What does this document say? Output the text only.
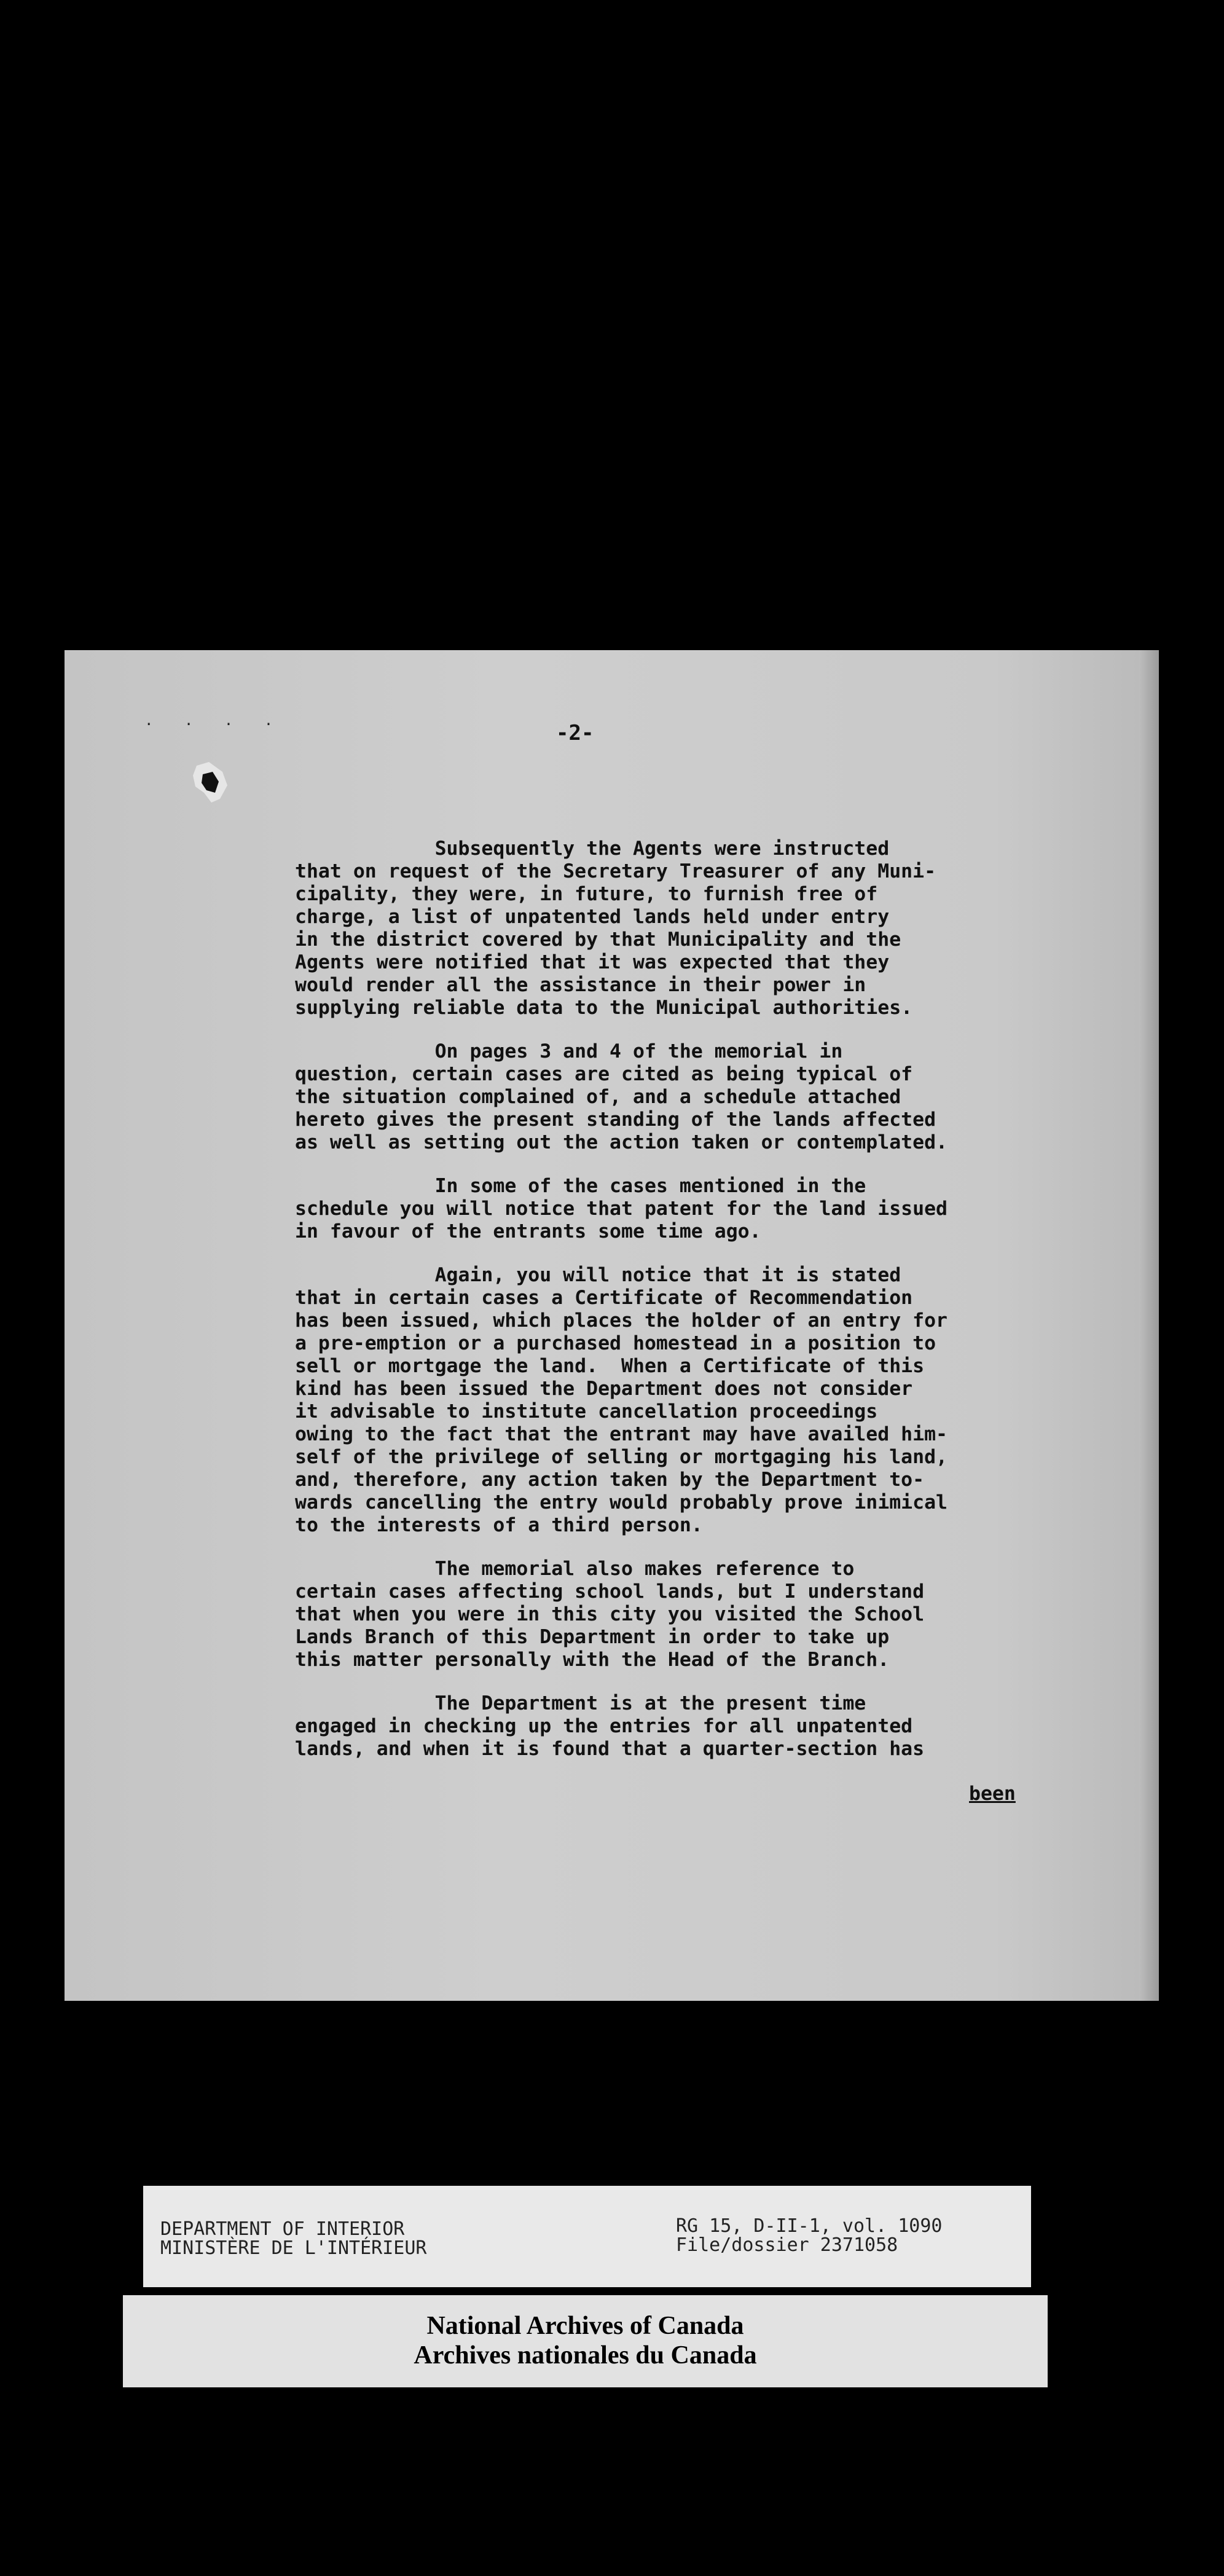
. . . .
-2-

Subsequently the Agents were instructed
that on request of the Secretary Treasurer of any Muni-
cipality, they were, in future, to furnish free of
charge, a list of unpatented lands held under entry
in the district covered by that Municipality and the
Agents were notified that it was expected that they
would render all the assistance in their power in
supplying reliable data to the Municipal authorities.

On pages 3 and 4 of the memorial in
question, certain cases are cited as being typical of
the situation complained of, and a schedule attached
hereto gives the present standing of the lands affected
as well as setting out the action taken or contemplated.

In some of the cases mentioned in the
schedule you will notice that patent for the land issued
in favour of the entrants some time ago.

Again, you will notice that it is stated
that in certain cases a Certificate of Recommendation
has been issued, which places the holder of an entry for
a pre-emption or a purchased homestead in a position to
sell or mortgage the land.  When a Certificate of this
kind has been issued the Department does not consider
it advisable to institute cancellation proceedings
owing to the fact that the entrant may have availed him-
self of the privilege of selling or mortgaging his land,
and, therefore, any action taken by the Department to-
wards cancelling the entry would probably prove inimical
to the interests of a third person.

The memorial also makes reference to
certain cases affecting school lands, but I understand
that when you were in this city you visited the School
Lands Branch of this Department in order to take up
this matter personally with the Head of the Branch.

The Department is at the present time
engaged in checking up the entries for all unpatented
lands, and when it is found that a quarter-section has

been
DEPARTMENT OF INTERIOR
MINISTÈRE DE L'INTÉRIEUR
RG 15, D-II-1, vol. 1090
File/dossier 2371058
National Archives of Canada
Archives nationales du Canada
